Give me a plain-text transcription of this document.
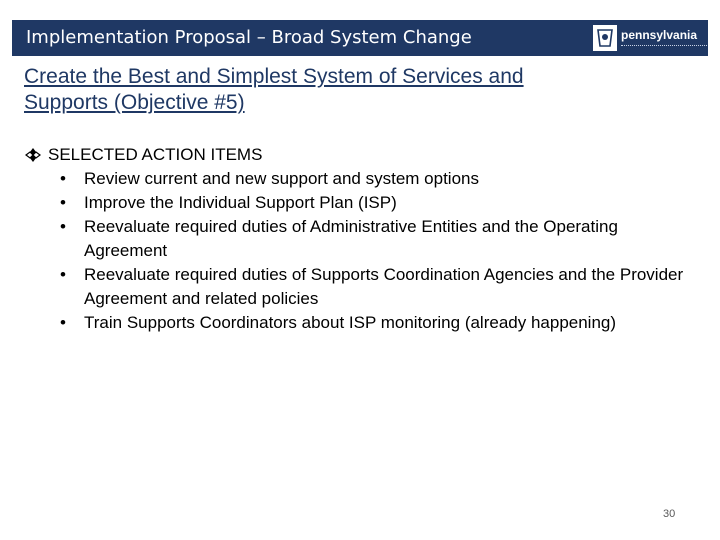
Implementation Proposal – Broad System Change	pennsylvania
Create the Best and Simplest System of Services and Supports (Objective #5)
SELECTED ACTION ITEMS
• Review current and new support and system options
• Improve the Individual Support Plan (ISP)
• Reevaluate required duties of Administrative Entities and the Operating Agreement
• Reevaluate required duties of Supports Coordination Agencies and the Provider Agreement and related policies
• Train Supports Coordinators about ISP monitoring (already happening)
30
